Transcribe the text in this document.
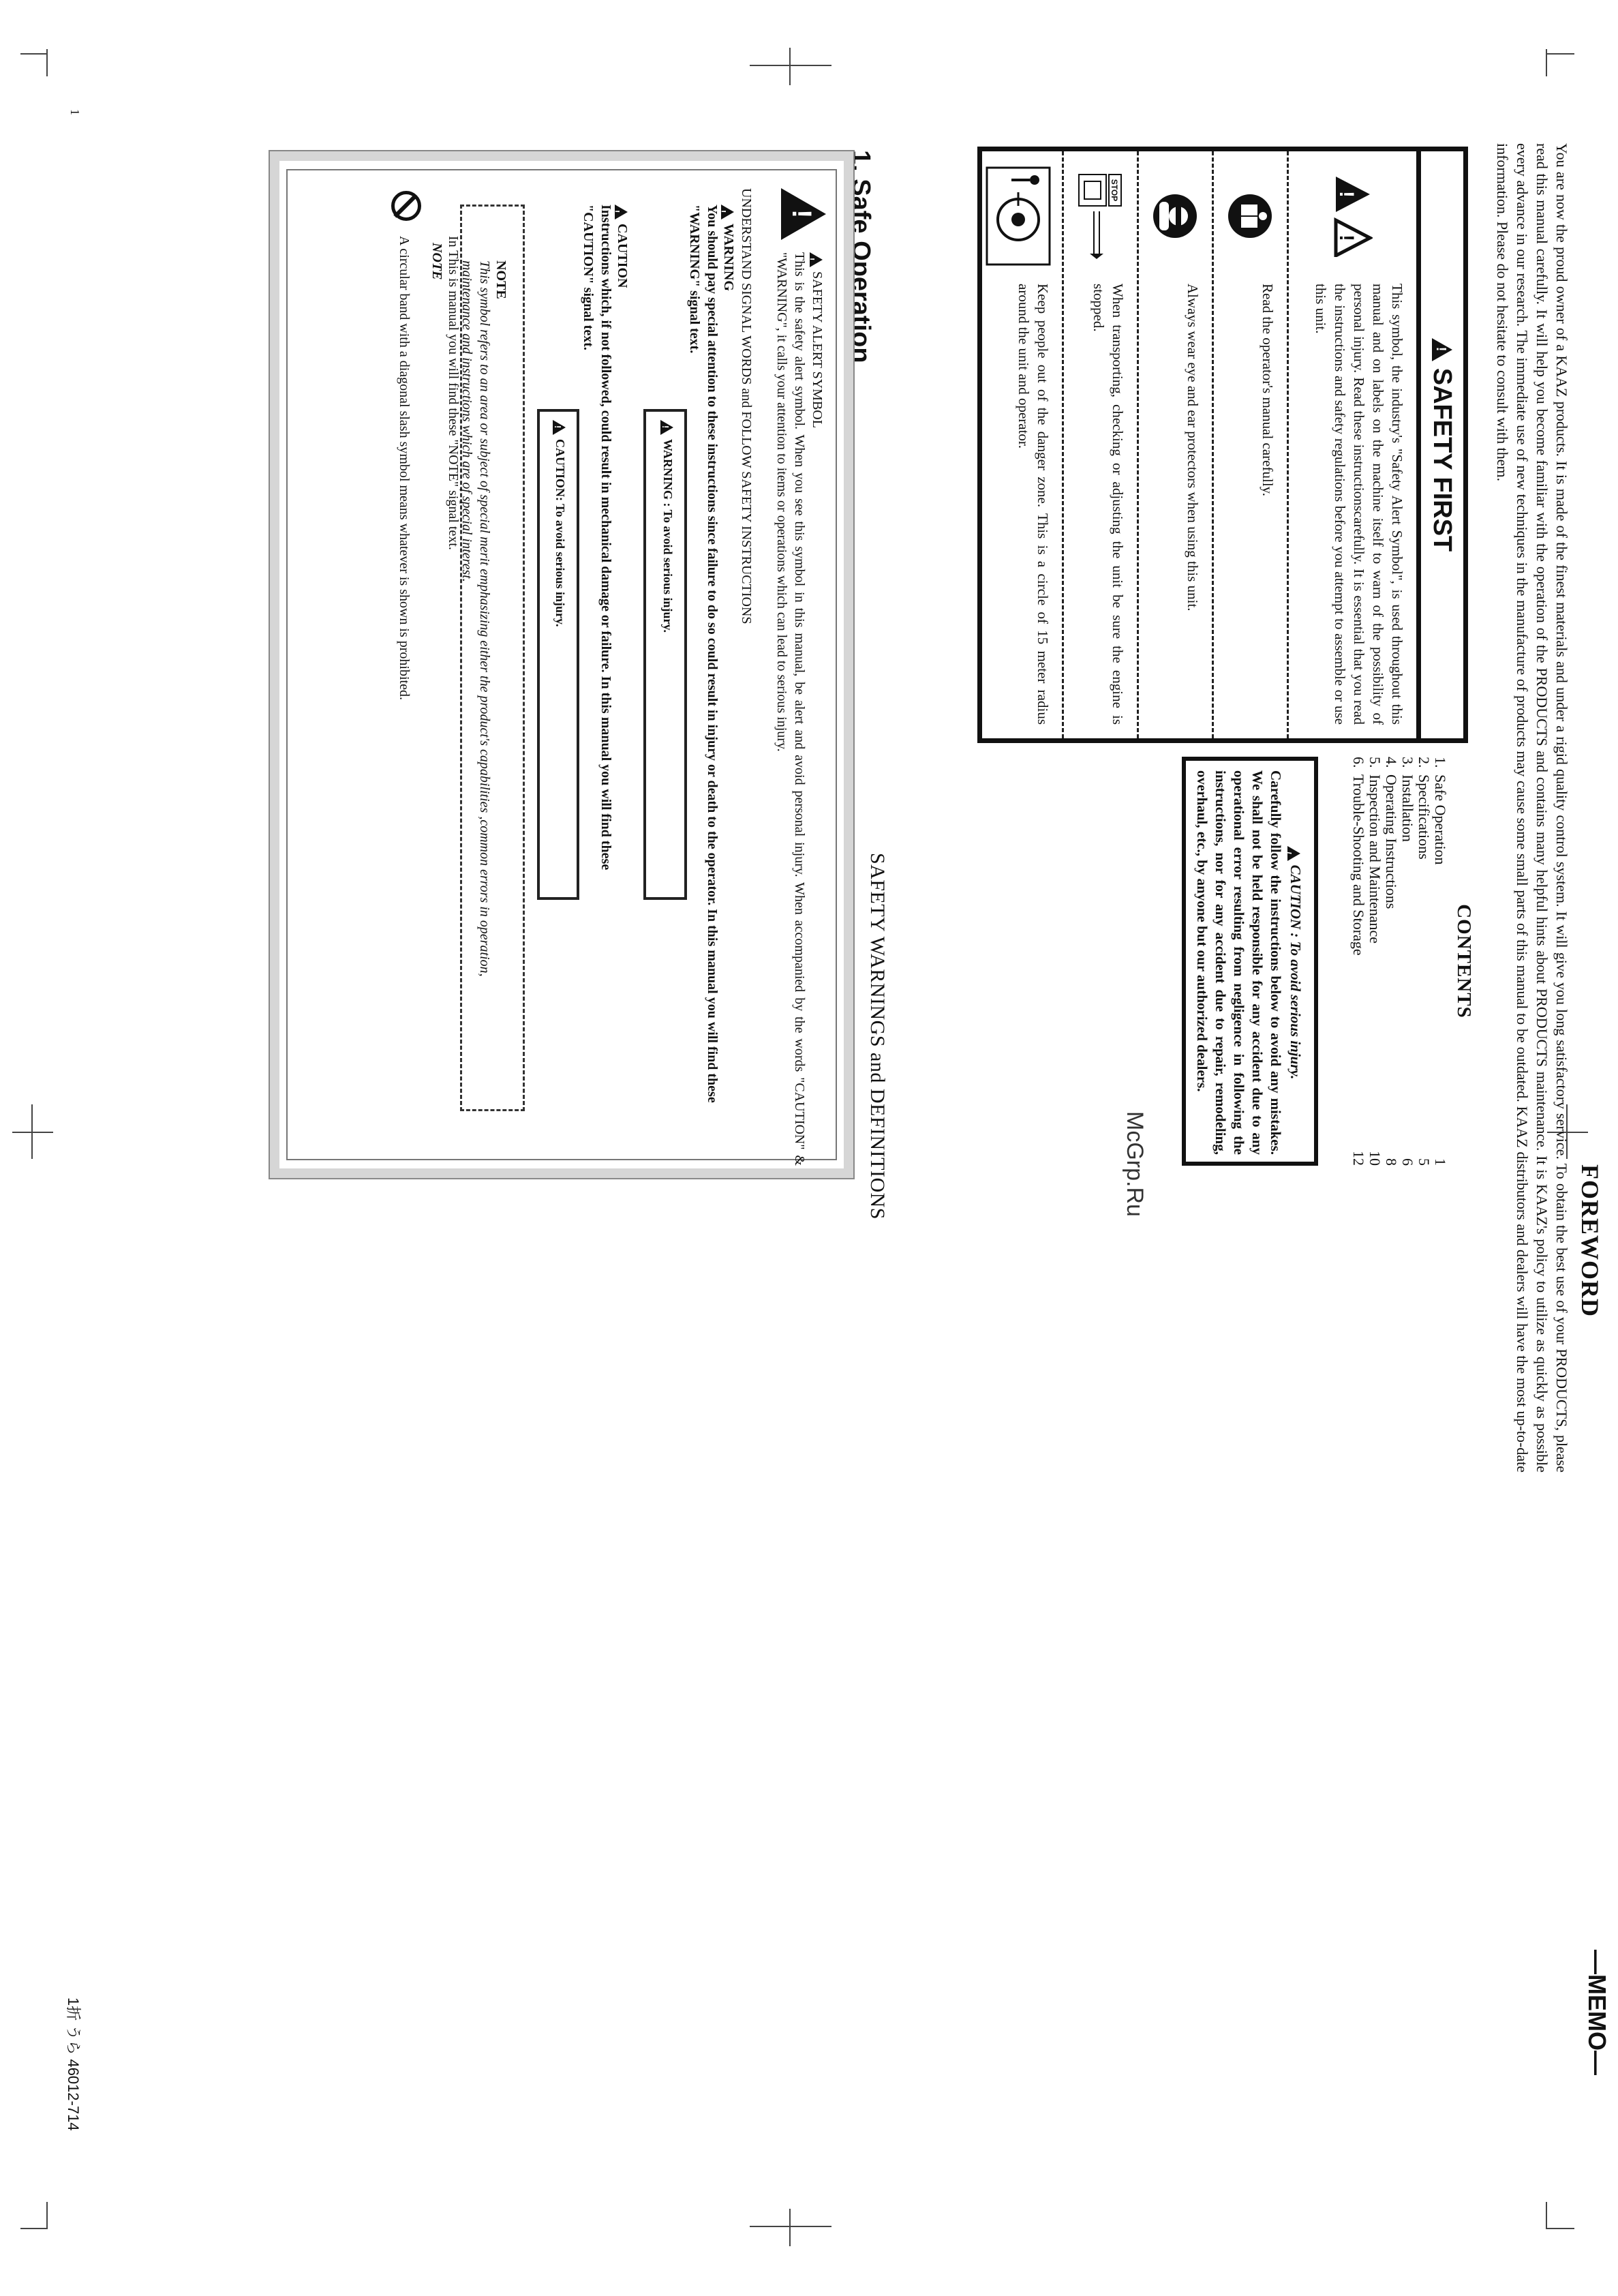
FOREWORD
You are now the proud owner of a KAAZ products. It is made of the finest materials and under a rigid quality control system. It will give you long satisfactory service. To obtain the best use of your PRODUCTS, please read this manual carefully. It will help you become familiar with the operation of the PRODUCTS and contains many helpful hints about PRODUCTS maintenance. It is KAAZ's policy to utilize as quickly as possible every advance in our research. The immediate use of new techniques in the manufacture of products may cause some small parts of this manual to be outdated. KAAZ distributors and dealers will have the most up-to-date information. Please do not hesitate to consult with them.
!
SAFETY FIRST
!
!
This symbol, the industry's "Safety Alert Symbol", is used throughout this manual and on labels on the machine itself to warn of the possibility of personal injury. Read these instructionscarefully. It is essential that you read the instructions and safety regulations before you attempt to assemble or use this unit.
Read the operator's manual carefully.
Always wear eye and ear protectors when using this unit.
STOP
When transporting, checking or adjusting the unit be sure the engine is stopped.
Keep people out of the danger zone. This is a circle of 15 meter radius around the unit and operator.
CONTENTS
1.
Safe Operation
1
2.
Specifications
5
3.
Installation
6
4.
Operating Instructions
8
5.
Inspection and Maintenance
10
6.
Trouble-Shooting and Storage
12
!CAUTION : To avoid serious injury.
Carefully follow the instructions below to avoid any mistakes. We shall not be held responsible for any accident due to any operational error resulting from negligence in following the instructions, nor for any accident due to repair, remodeling, overhaul, etc., by anyone but our authorized dealers.
1. Safe Operation
SAFETY WARNINGS and DEFINITIONS
!
!SAFETY ALERT SYMBOL
This is the safety alert symbol. When you see this symbol in this manual, be alert and avoid personal injury. When accompanied by the words "CAUTION" & "WARNING", it calls your attention to items or operations which can lead to serious injury.
UNDERSTAND SIGNAL WORDS and FOLLOW SAFETY INSTRUCTIONS
!WARNING
You should pay special attention to these instructions since failure to do so could result in injury or death to the operator. In this manual you will find these "WARNING" signal text.
!WARNING : To avoid serious injury.
!CAUTION
Instructions which, if not followed, could result in mechanical damage or failure. In this manual you will find these "CAUTION" signal text.
!CAUTION: To avoid serious injury.
NOTE
This symbol refers to an area or subject of special merit emphasizing either the product's capabilities ,common errors in operation, maintenance and instructions which are of special interest.
In This is manual you will find these "NOTE" signal text.
NOTE
A circular band with a diagonal slash symbol means whatever is shown is prohibited.
McGrp.Ru
1
—MEMO—
1折 うら 46012-714
